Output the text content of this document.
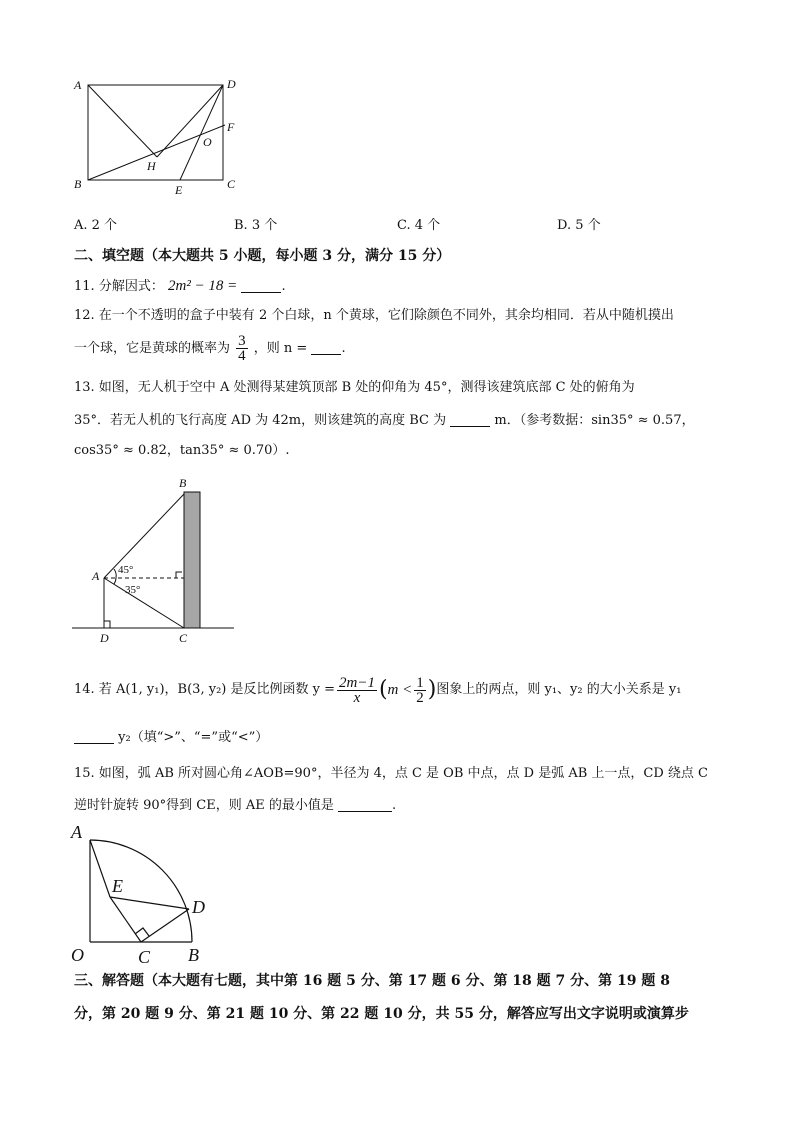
A	D
F
O
H
B	E	C
A. 2 个	B. 3 个	C. 4 个	D. 5 个
二、填空题（本大题共 5 小题，每小题 3 分，满分 15 分）
11. 分解因式： 2m² − 18 =	.
12. 在一个不透明的盒子中装有 2 个白球，n 个黄球，它们除颜色不同外，其余均相同．若从中随机摸出
一个球，它是黄球的概率为 $\frac{3}{4}$ ，则 n =	.
13. 如图，无人机于空中 A 处测得某建筑顶部 B 处的仰角为 45°，测得该建筑底部 C 处的俯角为
35°．若无人机的飞行高度 AD 为 42m，则该建筑的高度 BC 为	m．（参考数据：sin35° ≈ 0.57，
cos35° ≈ 0.82，tan35° ≈ 0.70）.
B
A 45°
35°
D	C
14. 若 A(1, y₁)，B(3, y₂) 是反比例函数 $y = \frac{2m-1}{x}$ ( $m < \frac{1}{2}$ ) 图象上的两点，则 y₁、y₂ 的大小关系是 y₁
y₂（填“>”、“=”或“<”）
15. 如图，弧 AB 所对圆心角∠AOB=90°，半径为 4，点 C 是 OB 中点，点 D 是弧 AB 上一点，CD 绕点 C
逆时针旋转 90°得到 CE，则 AE 的最小值是	.
A
E
D
O	C B
三、解答题（本大题有七题，其中第 16 题 5 分、第 17 题 6 分、第 18 题 7 分、第 19 题 8
分，第 20 题 9 分、第 21 题 10 分、第 22 题 10 分，共 55 分，解答应写出文字说明或演算步
